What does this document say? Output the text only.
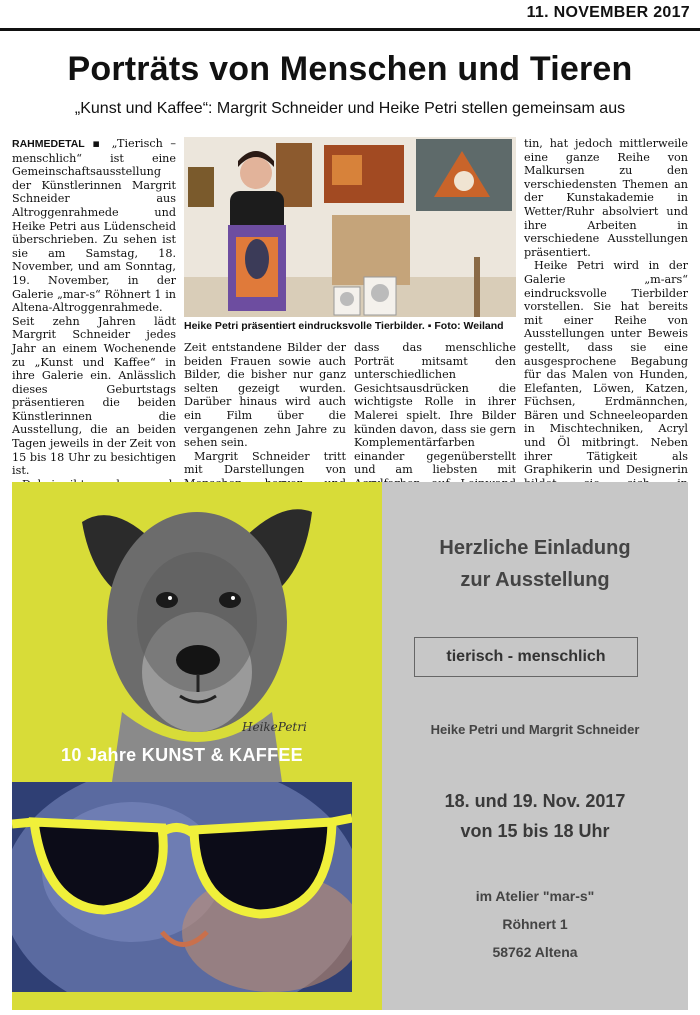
11. NOVEMBER 2017
Porträts von Menschen und Tieren
„Kunst und Kaffee“: Margrit Schneider und Heike Petri stellen gemeinsam aus

RAHMEDETAL ▪ „Tierisch – menschlich“ ist eine Gemeinschaftsausstellung der Künstlerinnen Margrit Schneider aus Altroggenrahmede und Heike Petri aus Lüdenscheid überschrieben. Zu sehen ist sie am Samstag, 18. November, und am Sonntag, 19. November, in der Galerie „mar-s“ Röhnert 1 in Altena-Altroggenrahmede. Seit zehn Jahren lädt Margrit Schneider jedes Jahr an einem Wochenende zu „Kunst und Kaffee“ in ihre Galerie ein. Anlässlich dieses Geburtstags präsentieren die beiden Künstlerinnen die Ausstellung, die an beiden Tagen jeweils in der Zeit von 15 bis 18 Uhr zu besichtigen ist.

Heike Petri präsentiert eindrucksvolle Tierbilder. ▪ Foto: Weiland

Zeit entstandene Bilder der beiden Frauen sowie auch Bilder, die bisher nur ganz selten gezeigt wurden. Darüber hinaus wird auch ein Film über die vergangenen zehn Jahre zu sehen sein.

Margrit Schneider tritt mit Darstellungen von

dass das menschliche Porträt mitsamt den unterschiedlichen Gesichtsausdrücken die wichtigste Rolle in ihrer Malerei spielt. Ihre Bilder künden davon, dass sie gern Komplementärfarben einander gegenüberstellt und am liebsten mit

tin, hat jedoch mittlerweile eine ganze Reihe von Malkursen zu den verschiedensten Themen an der Kunstakademie in Wetter/Ruhr absolviert und ihre Arbeiten in verschiedene Ausstellungen präsentiert.

Heike Petri wird in der Galerie „m-ars“ eindrucksvolle Tierbilder vorstellen. Sie hat bereits mit einer Reihe von Ausstellungen unter Beweis gestellt, dass sie eine ausgesprochene Begabung für das Malen von Hunden, Elefanten, Löwen, Katzen, Füchsen, Erdmännchen, Bären und Schneeleoparden in Mischtechniken, Acryl und Öl mitbringt. Neben ihrer Tätigkeit als Graphikerin und Designerin

HeikePetri
10 Jahre KUNST & KAFFEE
Herzliche Einladung
zur Ausstellung
tierisch - menschlich
Heike Petri und Margrit Schneider
18. und 19. Nov. 2017
von 15 bis 18 Uhr
im Atelier "mar-s"
Röhnert 1
58762 Altena
